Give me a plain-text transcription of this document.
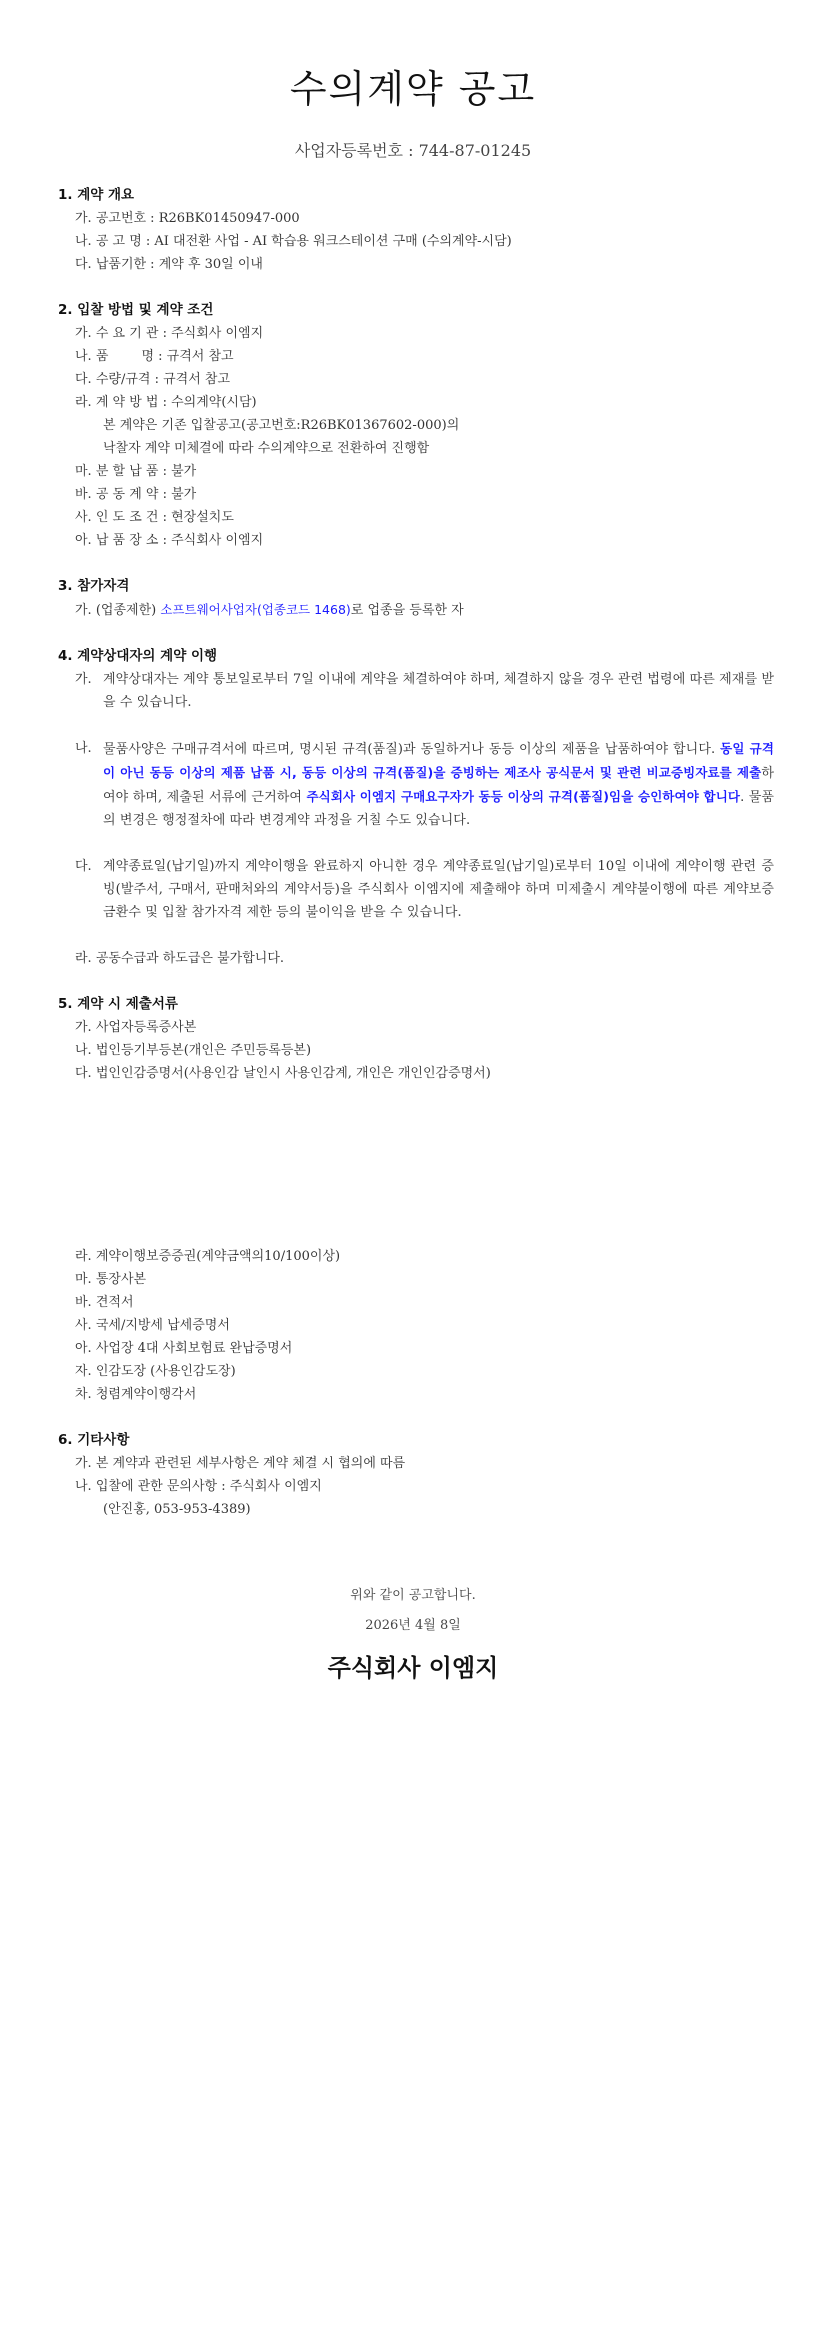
수의계약 공고
사업자등록번호 : 744-87-01245
1. 계약 개요
가. 공고번호 : R26BK01450947-000
나. 공 고 명 : AI 대전환 사업 - AI 학습용 워크스테이션 구매 (수의계약-시담)
다. 납품기한 : 계약 후 30일 이내
2. 입찰 방법 및 계약 조건
가. 수 요 기 관 : 주식회사 이엠지
나. 품        명 : 규격서 참고
다. 수량/규격 : 규격서 참고
라. 계 약 방 법 : 수의계약(시담)
본 계약은 기존 입찰공고(공고번호:R26BK01367602-000)의
낙찰자 계약 미체결에 따라 수의계약으로 전환하여 진행함
마. 분 할 납 품 : 불가
바. 공 동 계 약 : 불가
사. 인 도 조 건 : 현장설치도
아. 납 품 장 소 : 주식회사 이엠지
3. 참가자격
가. (업종제한) 소프트웨어사업자(업종코드 1468)로 업종을 등록한 자
4. 계약상대자의 계약 이행
가. 계약상대자는 계약 통보일로부터 7일 이내에 계약을 체결하여야 하며, 체결하지 않을 경우 관련 법령에 따른 제재를 받을 수 있습니다.
나. 물품사양은 구매규격서에 따르며, 명시된 규격(품질)과 동일하거나 동등 이상의 제품을 납품하여야 합니다. 동일 규격이 아닌 동등 이상의 제품 납품 시, 동등 이상의 규격(품질)을 증빙하는 제조사 공식문서 및 관련 비교증빙자료를 제출하여야 하며, 제출된 서류에 근거하여 주식회사 이엠지 구매요구자가 동등 이상의 규격(품질)임을 승인하여야 합니다. 물품의 변경은 행정절차에 따라 변경계약 과정을 거칠 수도 있습니다.
다. 계약종료일(납기일)까지 계약이행을 완료하지 아니한 경우 계약종료일(납기일)로부터 10일 이내에 계약이행 관련 증빙(발주서, 구매서, 판매처와의 계약서등)을 주식회사 이엠지에 제출해야 하며 미제출시 계약불이행에 따른 계약보증금환수 및 입찰 참가자격 제한 등의 불이익을 받을 수 있습니다.
라. 공동수급과 하도급은 불가합니다.
5. 계약 시 제출서류
가. 사업자등록증사본
나. 법인등기부등본(개인은 주민등록등본)
다. 법인인감증명서(사용인감 날인시 사용인감계, 개인은 개인인감증명서)
라. 계약이행보증증권(계약금액의10/100이상)
마. 통장사본
바. 견적서
사. 국세/지방세 납세증명서
아. 사업장 4대 사회보험료 완납증명서
자. 인감도장 (사용인감도장)
차. 청렴계약이행각서
6. 기타사항
가. 본 계약과 관련된 세부사항은 계약 체결 시 협의에 따름
나. 입찰에 관한 문의사항 : 주식회사 이엠지
(안진홍, 053-953-4389)
위와 같이 공고합니다.
2026년 4월 8일
주식회사 이엠지
